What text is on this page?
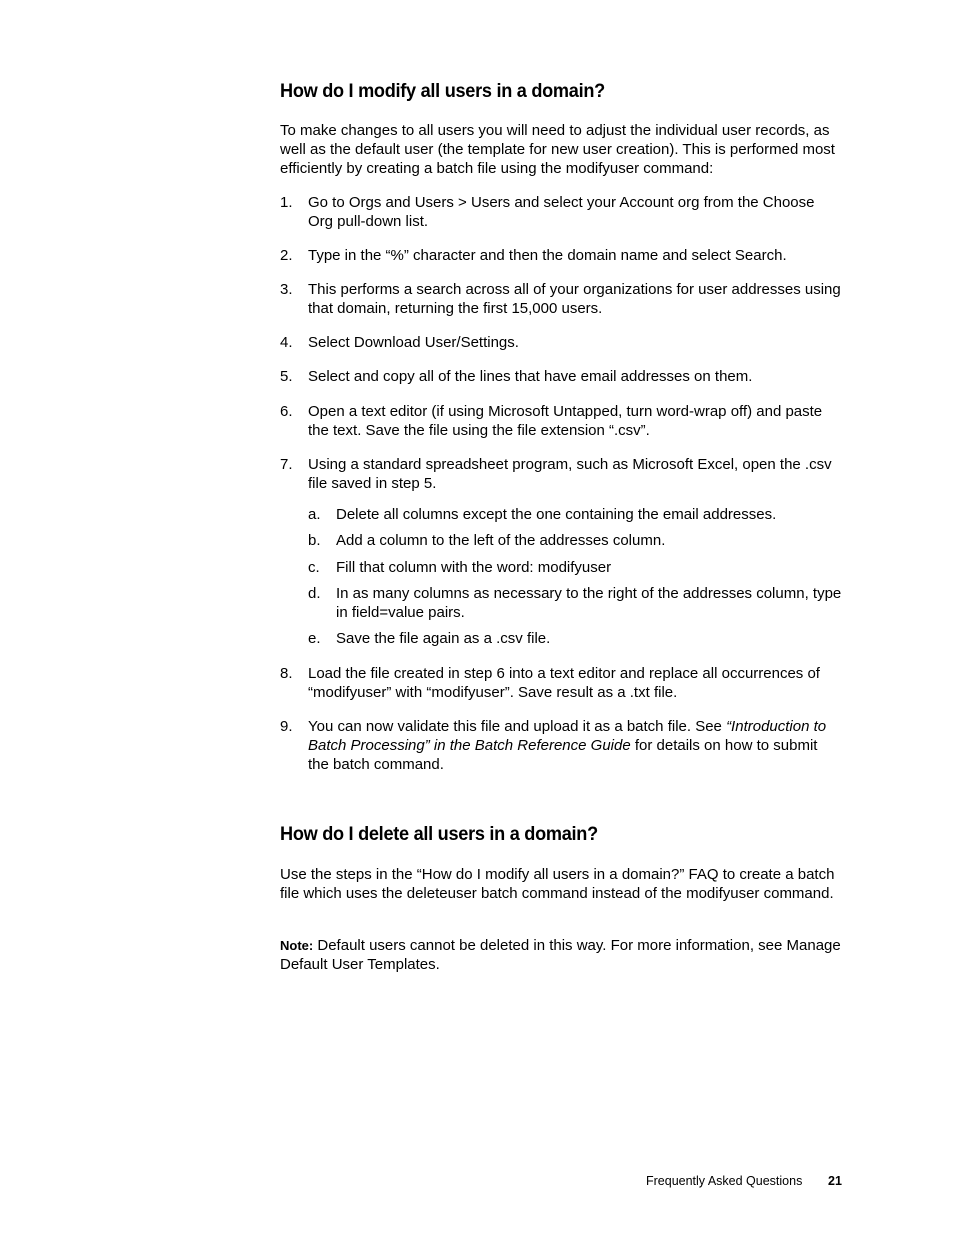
How do I modify all users in a domain?

To make changes to all users you will need to adjust the individual user records, as well as the default user (the template for new user creation). This is performed most efficiently by creating a batch file using the modifyuser command:

1.	Go to Orgs and Users > Users and select your Account org from the Choose Org pull-down list.
2.	Type in the “%” character and then the domain name and select Search.
3.	This performs a search across all of your organizations for user addresses using that domain, returning the first 15,000 users.
4.	Select Download User/Settings.
5.	Select and copy all of the lines that have email addresses on them.
6.	Open a text editor (if using Microsoft Untapped, turn word-wrap off) and paste the text. Save the file using the file extension “.csv”.
7.	Using a standard spreadsheet program, such as Microsoft Excel, open the .csv file saved in step 5.
a.	Delete all columns except the one containing the email addresses.
b.	Add a column to the left of the addresses column.
c.	Fill that column with the word: modifyuser
d.	In as many columns as necessary to the right of the addresses column, type in field=value pairs.
e.	Save the file again as a .csv file.
8.	Load the file created in step 6 into a text editor and replace all occurrences of “modifyuser” with “modifyuser”. Save result as a .txt file.
9.	You can now validate this file and upload it as a batch file. See “Introduction to Batch Processing” in the Batch Reference Guide for details on how to submit the batch command.
How do I delete all users in a domain?

Use the steps in the “How do I modify all users in a domain?” FAQ to create a batch file which uses the deleteuser batch command instead of the modifyuser command.

Note: Default users cannot be deleted in this way. For more information, see Manage Default User Templates.

Frequently Asked Questions 21
